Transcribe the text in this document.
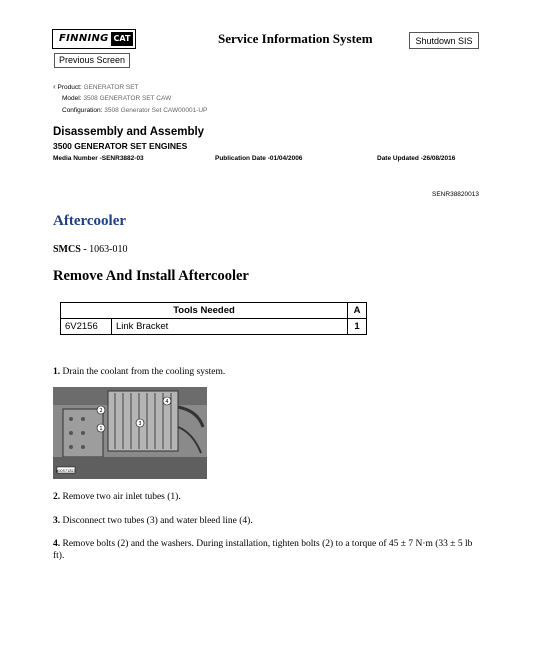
FINNING CAT	Service Information System	Shutdown SIS
Previous Screen
‹ Product: GENERATOR SET
Model: 3508 GENERATOR SET CAW
Configuration: 3508 Generator Set CAW00001-UP
Disassembly and Assembly
3500 GENERATOR SET ENGINES
Media Number -SENR3882-03	Publication Date -01/04/2006	Date Updated -26/08/2016
SENR38820013
Aftercooler
SMCS - 1063-010
Remove And Install Aftercooler
Tools Needed		A
6V2156	Link Bracket	1
1. Drain the coolant from the cooling system.
g00571821
2
1
3
4
2. Remove two air inlet tubes (1).
3. Disconnect two tubes (3) and water bleed line (4).
4. Remove bolts (2) and the washers. During installation, tighten bolts (2) to a torque of 45 ± 7 N·m (33 ± 5 lb ft).
